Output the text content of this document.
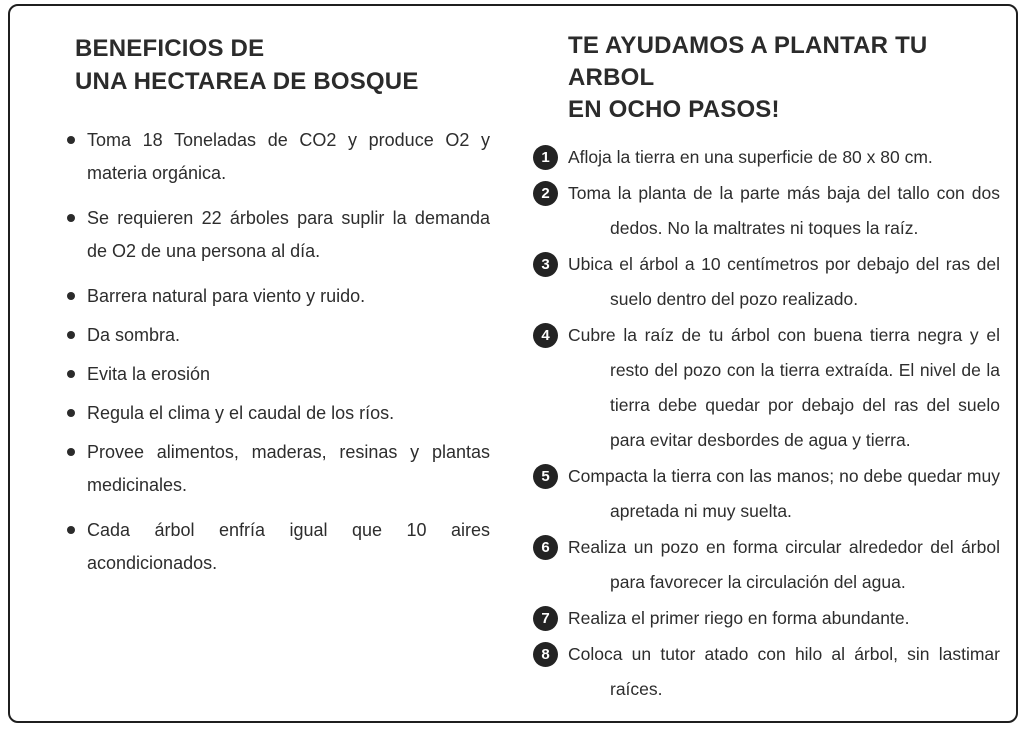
BENEFICIOS DE
UNA HECTAREA DE BOSQUE
Toma 18 Toneladas de CO2 y produce O2 y materia orgánica.
Se requieren 22 árboles para suplir la demanda de O2 de una persona al día.
Barrera natural para viento y ruido.
Da sombra.
Evita la erosión
Regula el clima y el caudal de los ríos.
Provee alimentos, maderas, resinas y plantas medicinales.
Cada árbol enfría igual que 10 aires acondicionados.
TE AYUDAMOS A PLANTAR TU ARBOL
EN OCHO PASOS!
1	Afloja la tierra en una superficie de 80 x 80 cm.
2	Toma la planta de la parte más baja del tallo con dos dedos. No la maltrates ni toques la raíz.
3	Ubica el árbol a 10 centímetros por debajo del ras del suelo dentro del pozo realizado.
4	Cubre la raíz de tu árbol con buena tierra negra y el resto del pozo con la tierra extraída. El nivel de la tierra debe quedar por debajo del ras del suelo para evitar desbordes de agua y tierra.
5	Compacta la tierra con las manos; no debe quedar muy apretada ni muy suelta.
6	Realiza un pozo en forma circular alrededor del árbol para favorecer la circulación del agua.
7	Realiza el primer riego en forma abundante.
8	Coloca un tutor atado con hilo al árbol, sin lastimar raíces.
